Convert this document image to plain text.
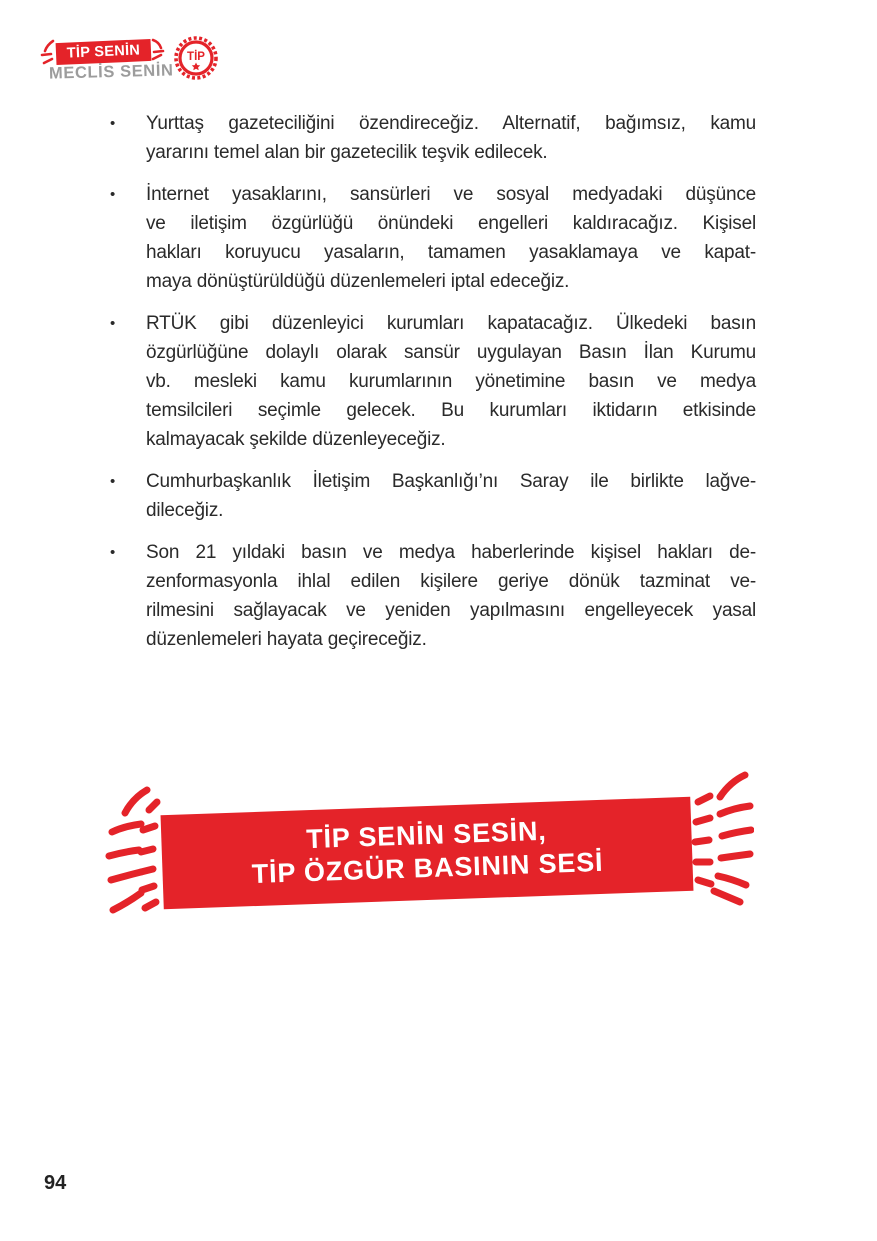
TİP SENİN
MECLİS SENİN
TİP
•	Yurttaş gazeteciliğini özendireceğiz. Alternatif, bağımsız, kamu
yararını temel alan bir gazetecilik teşvik edilecek.
•	İnternet yasaklarını, sansürleri ve sosyal medyadaki düşünce
ve iletişim özgürlüğü önündeki engelleri kaldıracağız. Kişisel
hakları koruyucu yasaların, tamamen yasaklamaya ve kapat-
maya dönüştürüldüğü düzenlemeleri iptal edeceğiz.
•	RTÜK gibi düzenleyici kurumları kapatacağız. Ülkedeki basın
özgürlüğüne dolaylı olarak sansür uygulayan Basın İlan Kurumu
vb. mesleki kamu kurumlarının yönetimine basın ve medya
temsilcileri seçimle gelecek. Bu kurumları iktidarın etkisinde
kalmayacak şekilde düzenleyeceğiz.
•	Cumhurbaşkanlık İletişim Başkanlığı’nı Saray ile birlikte lağve-
dileceğiz.
•	Son 21 yıldaki basın ve medya haberlerinde kişisel hakları de-
zenformasyonla ihlal edilen kişilere geriye dönük tazminat ve-
rilmesini sağlayacak ve yeniden yapılmasını engelleyecek yasal
düzenlemeleri hayata geçireceğiz.
TİP SENİN SESİN,
TİP ÖZGÜR BASININ SESİ
94
